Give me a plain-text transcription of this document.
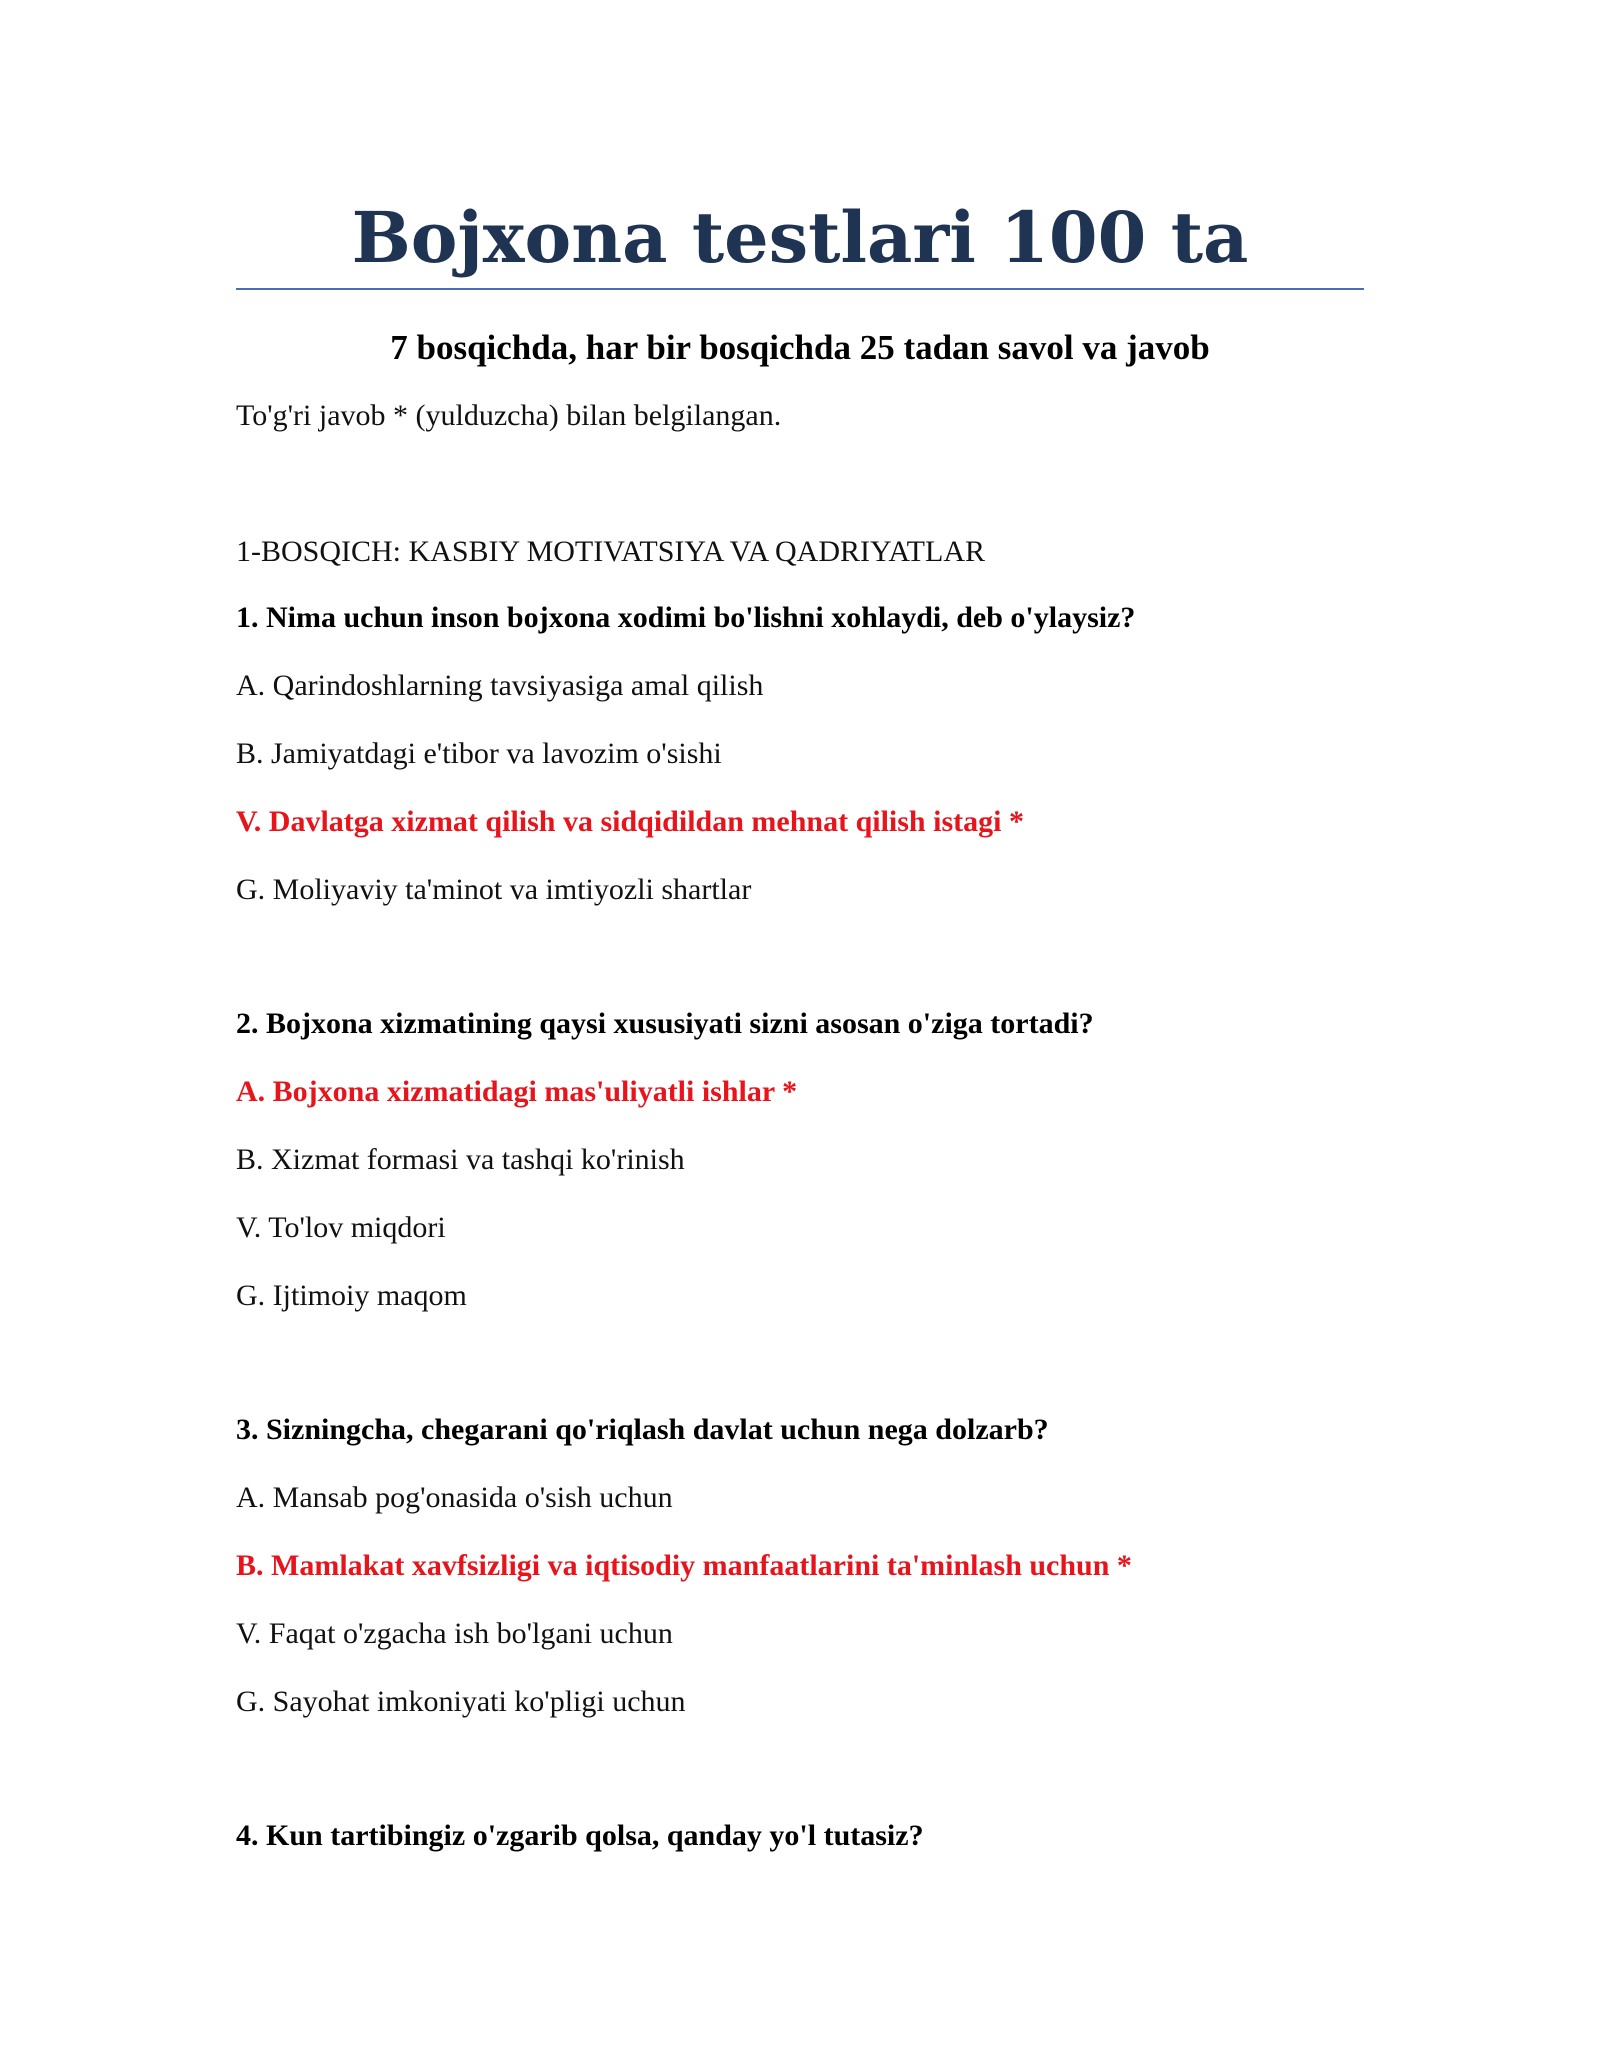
Bojxona testlari 100 ta
7 bosqichda, har bir bosqichda 25 tadan savol va javob
To'g'ri javob * (yulduzcha) bilan belgilangan.
1-BOSQICH: KASBIY MOTIVATSIYA VA QADRIYATLAR
1. Nima uchun inson bojxona xodimi bo'lishni xohlaydi, deb o'ylaysiz?
A. Qarindoshlarning tavsiyasiga amal qilish
B. Jamiyatdagi e'tibor va lavozim o'sishi
V. Davlatga xizmat qilish va sidqidildan mehnat qilish istagi *
G. Moliyaviy ta'minot va imtiyozli shartlar
2. Bojxona xizmatining qaysi xususiyati sizni asosan o'ziga tortadi?
A. Bojxona xizmatidagi mas'uliyatli ishlar *
B. Xizmat formasi va tashqi ko'rinish
V. To'lov miqdori
G. Ijtimoiy maqom
3. Sizningcha, chegarani qo'riqlash davlat uchun nega dolzarb?
A. Mansab pog'onasida o'sish uchun
B. Mamlakat xavfsizligi va iqtisodiy manfaatlarini ta'minlash uchun *
V. Faqat o'zgacha ish bo'lgani uchun
G. Sayohat imkoniyati ko'pligi uchun
4. Kun tartibingiz o'zgarib qolsa, qanday yo'l tutasiz?
